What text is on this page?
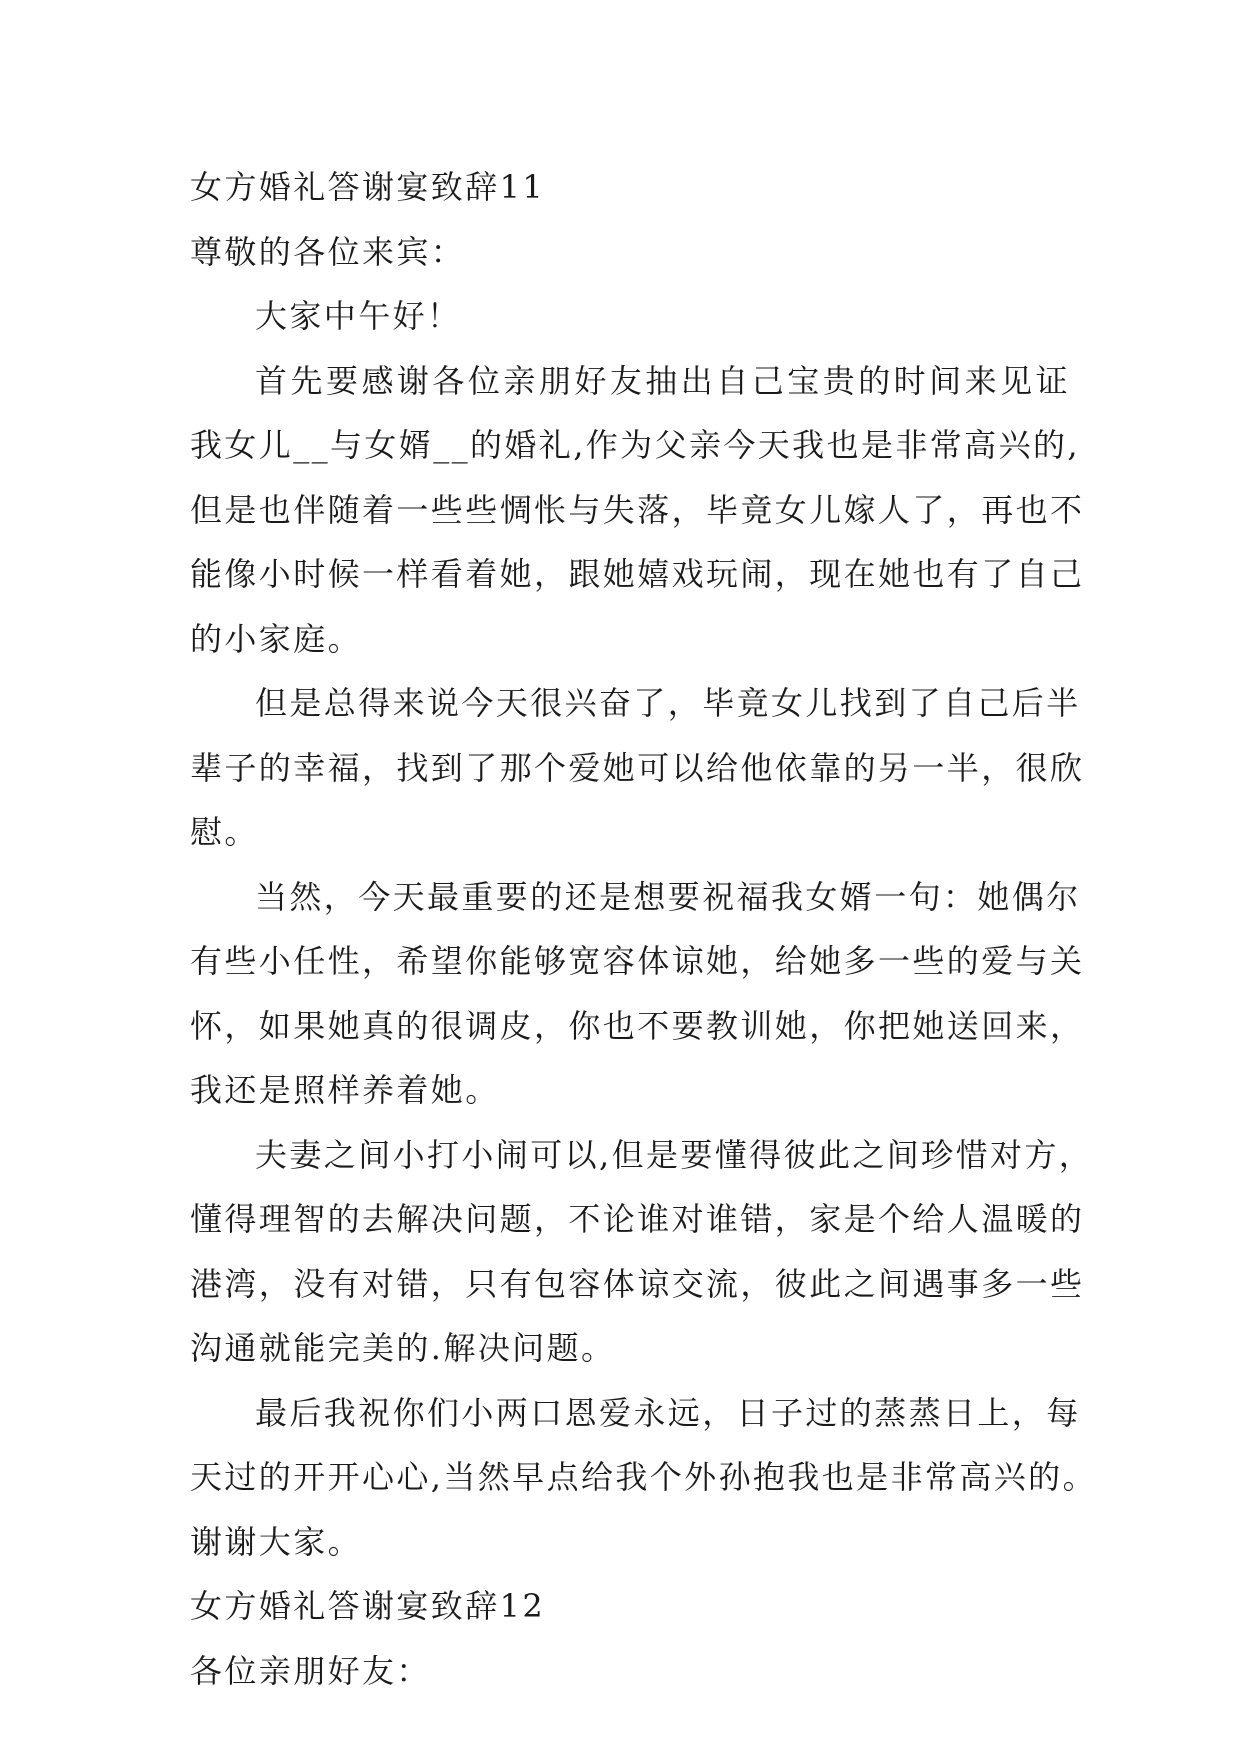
女方婚礼答谢宴致辞11
尊敬的各位来宾：
大家中午好！
首先要感谢各位亲朋好友抽出自己宝贵的时间来见证
我女儿__与女婿__的婚礼,作为父亲今天我也是非常高兴的,
但是也伴随着一些些惆怅与失落，毕竟女儿嫁人了，再也不
能像小时候一样看着她，跟她嬉戏玩闹，现在她也有了自己
的小家庭。
但是总得来说今天很兴奋了，毕竟女儿找到了自己后半
辈子的幸福，找到了那个爱她可以给他依靠的另一半，很欣
慰。
当然，今天最重要的还是想要祝福我女婿一句：她偶尔
有些小任性，希望你能够宽容体谅她，给她多一些的爱与关
怀，如果她真的很调皮，你也不要教训她，你把她送回来，
我还是照样养着她。
夫妻之间小打小闹可以,但是要懂得彼此之间珍惜对方，
懂得理智的去解决问题，不论谁对谁错，家是个给人温暖的
港湾，没有对错，只有包容体谅交流，彼此之间遇事多一些
沟通就能完美的.解决问题。
最后我祝你们小两口恩爱永远，日子过的蒸蒸日上，每
天过的开开心心,当然早点给我个外孙抱我也是非常高兴的。
谢谢大家。
女方婚礼答谢宴致辞12
各位亲朋好友：
